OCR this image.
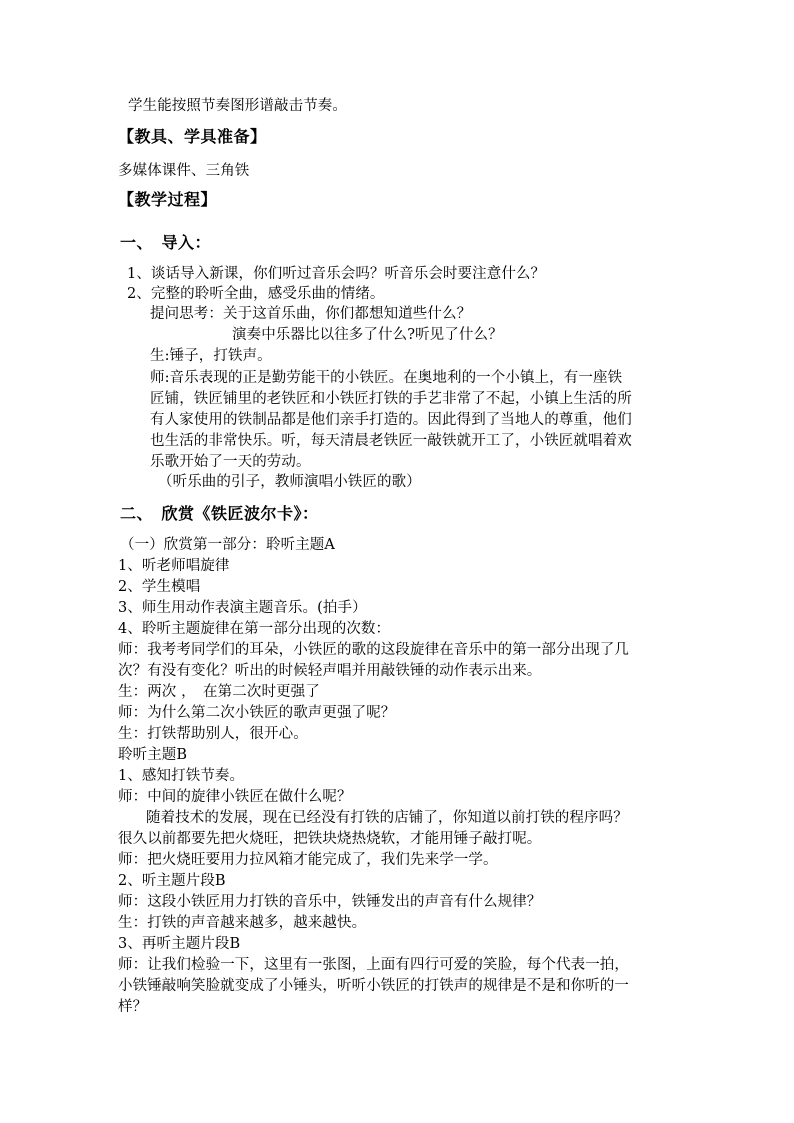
学生能按照节奏图形谱敲击节奏。
【教具、学具准备】
多媒体课件、三角铁
【教学过程】
一、　导入：
1、谈话导入新课，你们听过音乐会吗？听音乐会时要注意什么？
2、完整的聆听全曲，感受乐曲的情绪。
提问思考：关于这首乐曲，你们都想知道些什么？
演奏中乐器比以往多了什么?听见了什么？
生:锤子，打铁声。
师:音乐表现的正是勤劳能干的小铁匠。在奥地利的一个小镇上，有一座铁
匠铺，铁匠铺里的老铁匠和小铁匠打铁的手艺非常了不起，小镇上生活的所
有人家使用的铁制品都是他们亲手打造的。因此得到了当地人的尊重，他们
也生活的非常快乐。听，每天清晨老铁匠一敲铁就开工了，小铁匠就唱着欢
乐歌开始了一天的劳动。
（听乐曲的引子，教师演唱小铁匠的歌）
二、　欣赏《铁匠波尔卡》：
（一）欣赏第一部分：聆听主题A
1、听老师唱旋律
2、学生模唱
3、师生用动作表演主题音乐。(拍手）
4、聆听主题旋律在第一部分出现的次数：
师：我考考同学们的耳朵，小铁匠的歌的这段旋律在音乐中的第一部分出现了几
次？有没有变化？听出的时候轻声唱并用敲铁锤的动作表示出来。
生：两次 ，　在第二次时更强了
师：为什么第二次小铁匠的歌声更强了呢？
生：打铁帮助别人，很开心。
聆听主题B
1、感知打铁节奏。
师：中间的旋律小铁匠在做什么呢？
随着技术的发展，现在已经没有打铁的店铺了，你知道以前打铁的程序吗？
很久以前都要先把火烧旺，把铁块烧热烧软，才能用锤子敲打呢。
师：把火烧旺要用力拉风箱才能完成了，我们先来学一学。
2、听主题片段B
师：这段小铁匠用力打铁的音乐中，铁锤发出的声音有什么规律？
生：打铁的声音越来越多，越来越快。
3、再听主题片段B
师：让我们检验一下，这里有一张图，上面有四行可爱的笑脸，每个代表一拍，
小铁锤敲响笑脸就变成了小锤头，听听小铁匠的打铁声的规律是不是和你听的一
样？
